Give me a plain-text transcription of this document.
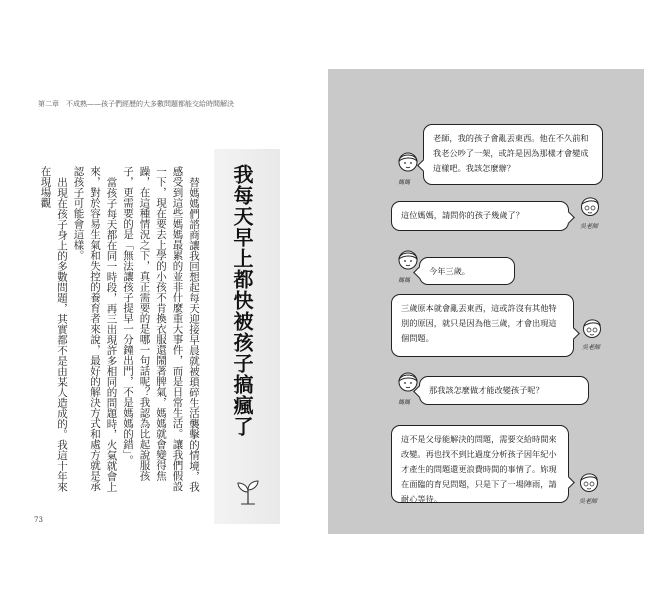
第二章　不成熟——孩子們經歷的大多數問題都能交給時間解決
我每天早上都快被孩子搞瘋了

替媽媽們諮商讓我回想起每天迎接早晨就被瑣碎生活襲擊的情境，我感受到這些媽媽最累的並非什麼重大事件，而是日常生活。讓我們假設一下，現在要去上學的小孩不肯換衣服還鬧著脾氣，媽媽就會變得焦躁，在這種情況之下，真正需要的是哪一句話呢？我認為比起說服孩子，更需要的是「無法讓孩子提早一分鐘出門，不是媽媽的錯」。

當孩子每天都在同一時段，再三出現許多相同的問題時，火氣就會上來，對於容易生氣和失控的養育者來說，最好的解決方式和處方就是承認孩子可能會這樣。

出現在孩子身上的多數問題，其實都不是由某人造成的。我這十年來在現場觀

73
媽媽
老師，我的孩子會亂丟東西。他在不久前和我老公吵了一架，或許是因為那樣才會變成這樣吧。我該怎麼辦？
這位媽媽，請問你的孩子幾歲了？
吳老師
媽媽
今年三歲。
三歲原本就會亂丟東西，這或許沒有其他特別的原因，就只是因為他三歲，才會出現這個問題。
吳老師
媽媽
那我該怎麼做才能改變孩子呢？
這不是父母能解決的問題，需要交給時間來改變。再也找不到比過度分析孩子因年紀小才產生的問題還更浪費時間的事情了。妳現在面臨的育兒問題，只是下了一場陣雨，請耐心等待。	吳老師
